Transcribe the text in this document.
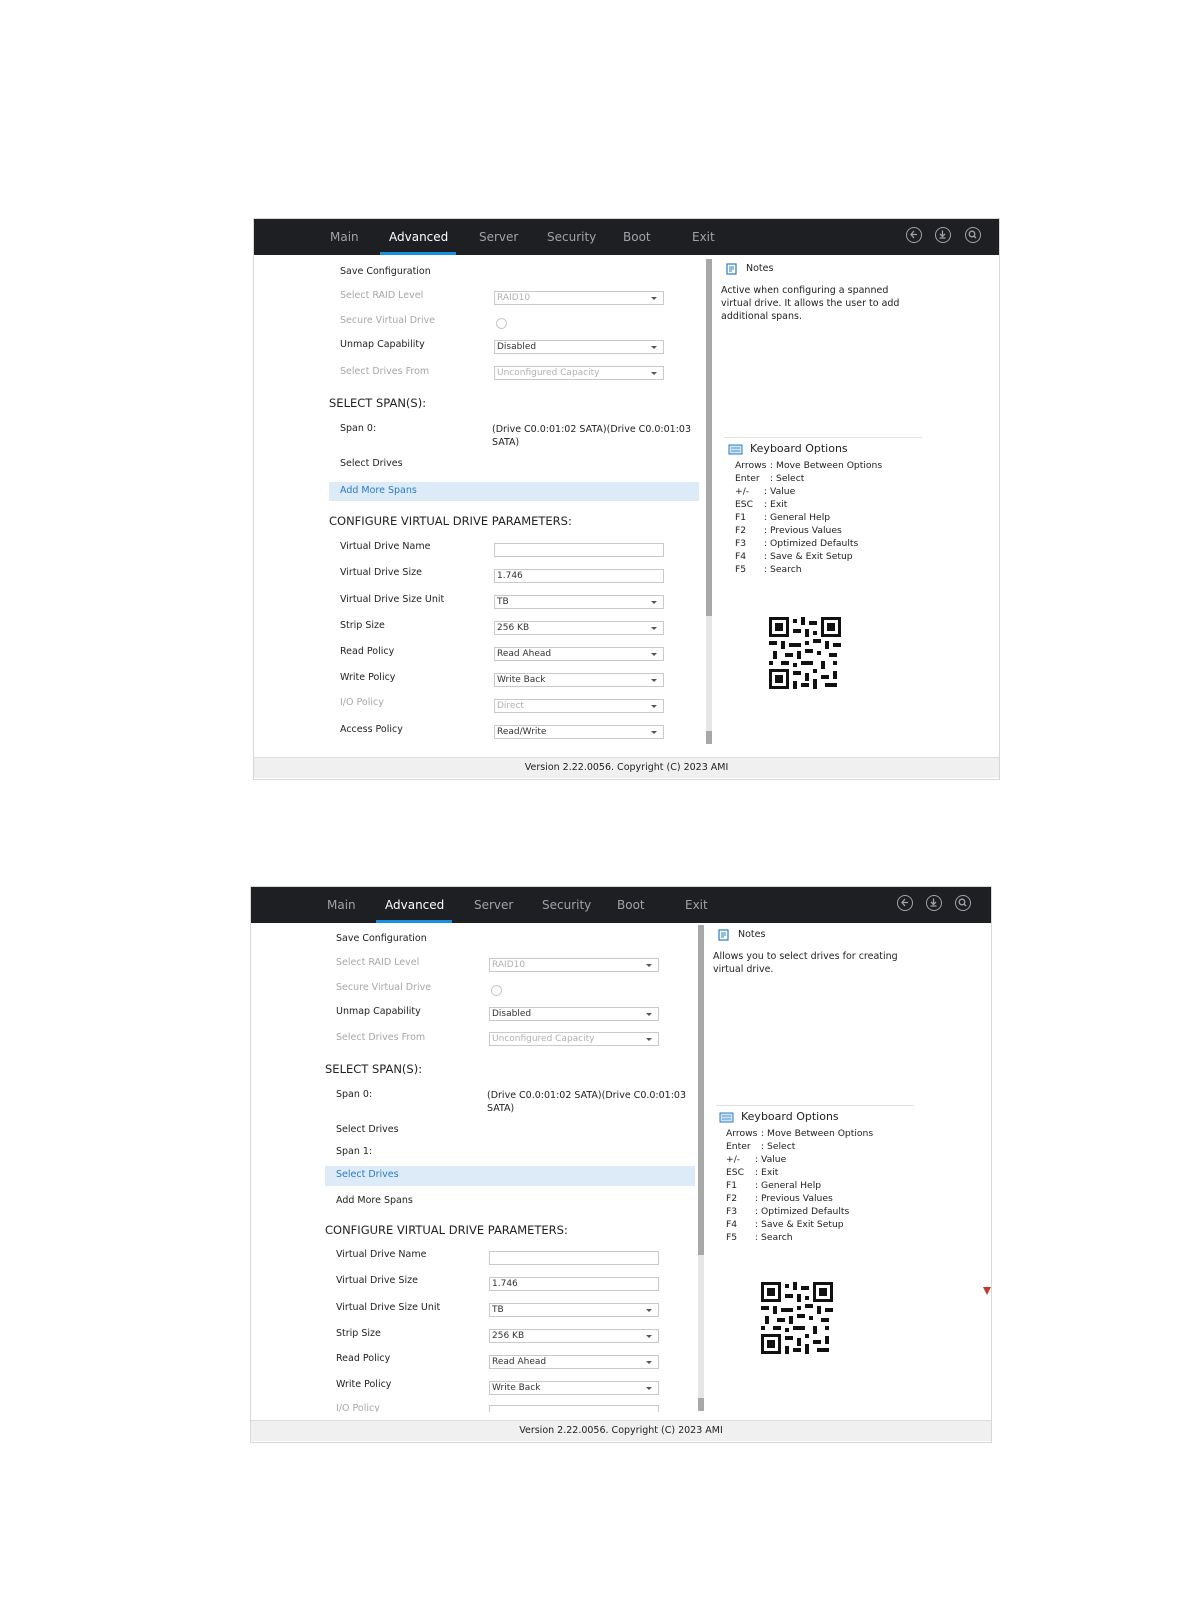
Main	Advanced	Server Security Boot	Exit
Save Configuration
Select RAID Level	RAID10
Secure Virtual Drive
Unmap Capability	Disabled
Select Drives From	Unconfigured Capacity
SELECT SPAN(S):
Span 0:	(Drive C0.0:01:02 SATA)(Drive C0.0:01:03 SATA)
Select Drives
Add More Spans
CONFIGURE VIRTUAL DRIVE PARAMETERS:
Virtual Drive Name
Virtual Drive Size	1.746
Virtual Drive Size Unit	TB
Strip Size	256 KB
Read Policy	Read Ahead
Write Policy	Write Back
I/O Policy	Direct
Access Policy	Read/Write
Notes
Active when configuring a spanned
virtual drive. It allows the user to add
additional spans.
Keyboard Options
Arrows : Move Between Options
Enter : Select
+/- : Value
ESC : Exit
F1 : General Help
F2 : Previous Values
F3 : Optimized Defaults
F4 : Save & Exit Setup
F5 : Search
Version 2.22.0056. Copyright (C) 2023 AMI
Main Advanced Server Security Boot	Exit
Save Configuration
Select RAID Level	RAID10
Secure Virtual Drive
Unmap Capability	Disabled
Select Drives From	Unconfigured Capacity
SELECT SPAN(S):
Span 0:	(Drive C0.0:01:02 SATA)(Drive C0.0:01:03 SATA)
Select Drives
Span 1:
Select Drives
Add More Spans
CONFIGURE VIRTUAL DRIVE PARAMETERS:
Virtual Drive Name
Virtual Drive Size	1.746
Virtual Drive Size Unit	TB
Strip Size	256 KB
Read Policy	Read Ahead
Write Policy	Write Back
I/O Policy
Notes
Allows you to select drives for creating
virtual drive.
Keyboard Options
Arrows : Move Between Options
Enter : Select
+/- : Value
ESC : Exit
F1 : General Help
F2 : Previous Values
F3 : Optimized Defaults
F4 : Save & Exit Setup
F5 : Search
Version 2.22.0056. Copyright (C) 2023 AMI
